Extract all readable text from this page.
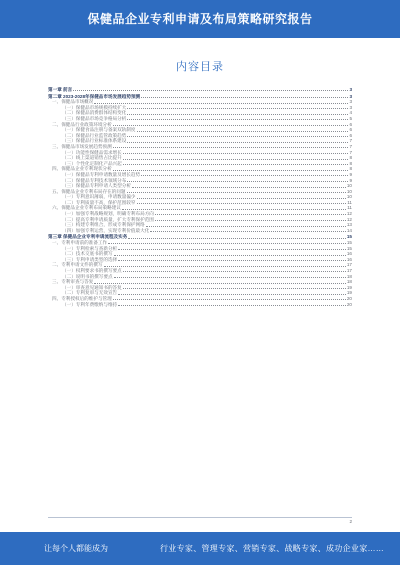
保健品企业专利申请及布局策略研究报告
内容目录
第一章 前言	3
第二章 2023-2028年保健品市场发展趋势预测	3
一、保健品市场概况	3
（一）保健品市场规模持续扩大	3
（二）保健品消费群体结构变化	4
（三）保健品市场竞争格局分析	5
二、保健品行业政策环境分析	6
（一）保健食品注册与备案双轨制度	6
（二）保健品行业监管政策趋势	6
（三）保健品行业标准体系建设	7
三、保健品市场发展趋势预测	7
（一）功能性保健品需求增长	7
（二）线上渠道销售占比提升	8
（三）个性化定制化产品兴起	8
四、保健品企业专利现状分析	8
（一）保健品专利申请数量及增长趋势	9
（二）保健品专利技术领域分布	9
（三）保健品专利申请人类型分析	10
五、保健品企业专利布局存在的问题	10
（一）专利意识薄弱，申请数量偏少	10
（二）专利质量不高，保护范围较窄	11
六、保健品企业专利布局策略建议	11
（一）加强专利战略规划，明确专利布局方向	12
（二）提高专利申请质量，扩大专利保护范围	12
（三）构建专利组合，形成专利保护网络	13
（四）加强专利运营，实现专利价值最大化	14
第三章 保健品企业专利申请流程及实务	15
一、专利申请前的准备工作	15
（一）专利检索与查新分析	15
（二）技术交底书的撰写	16
（三）专利申请类型的选择	16
二、专利申请文件的撰写	17
（一）权利要求书的撰写要点	17
（二）说明书的撰写要点	18
三、专利审查与答复	18
（一）审查意见通知书的答复	19
（二）专利复审与无效宣告	19
四、专利授权后的维护与管理	20
（一）专利年费缴纳与维持	20
2
让每个人都能成为	行业专家、管理专家、营销专家、战略专家、成功企业家……
